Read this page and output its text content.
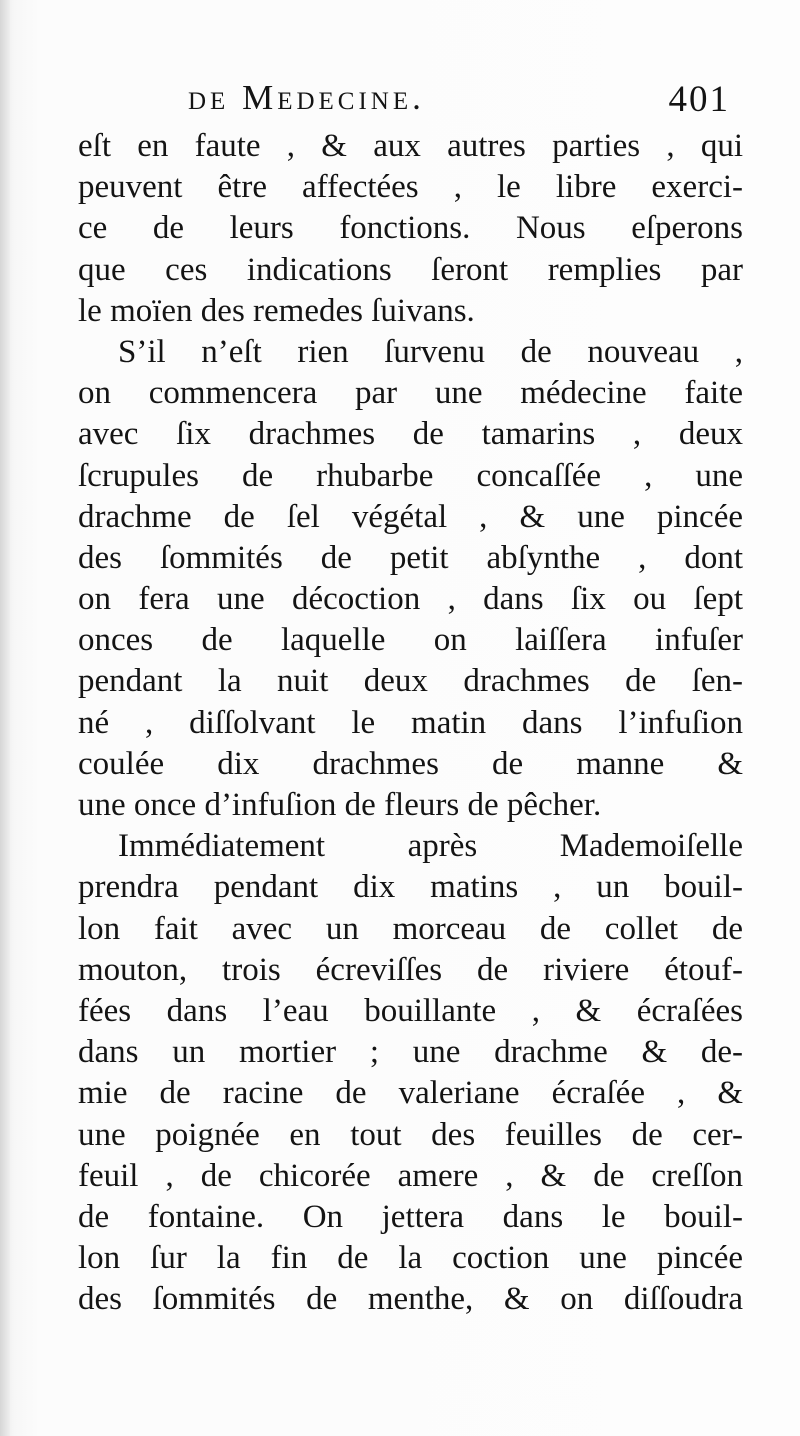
de Medecine.	401
eſt en faute , & aux autres parties , qui
peuvent être affectées , le libre exerci-
ce de leurs fonctions. Nous eſperons
que ces indications ſeront remplies par
le moïen des remedes ſuivans.
S’il n’eſt rien ſurvenu de nouveau ,
on commencera par une médecine faite
avec ſix drachmes de tamarins , deux
ſcrupules de rhubarbe concaſſée , une
drachme de ſel végétal , & une pincée
des ſommités de petit abſynthe , dont
on fera une décoction , dans ſix ou ſept
onces de laquelle on laiſſera infuſer
pendant la nuit deux drachmes de ſen-
né , diſſolvant le matin dans l’infuſion
coulée dix drachmes de manne &
une once d’infuſion de fleurs de pêcher.
Immédiatement après Mademoiſelle
prendra pendant dix matins , un bouil-
lon fait avec un morceau de collet de
mouton, trois écreviſſes de riviere étouf-
fées dans l’eau bouillante , & écraſées
dans un mortier ; une drachme & de-
mie de racine de valeriane écraſée , &
une poignée en tout des feuilles de cer-
feuil , de chicorée amere , & de creſſon
de fontaine. On jettera dans le bouil-
lon ſur la fin de la coction une pincée
des ſommités de menthe, & on diſſoudra
